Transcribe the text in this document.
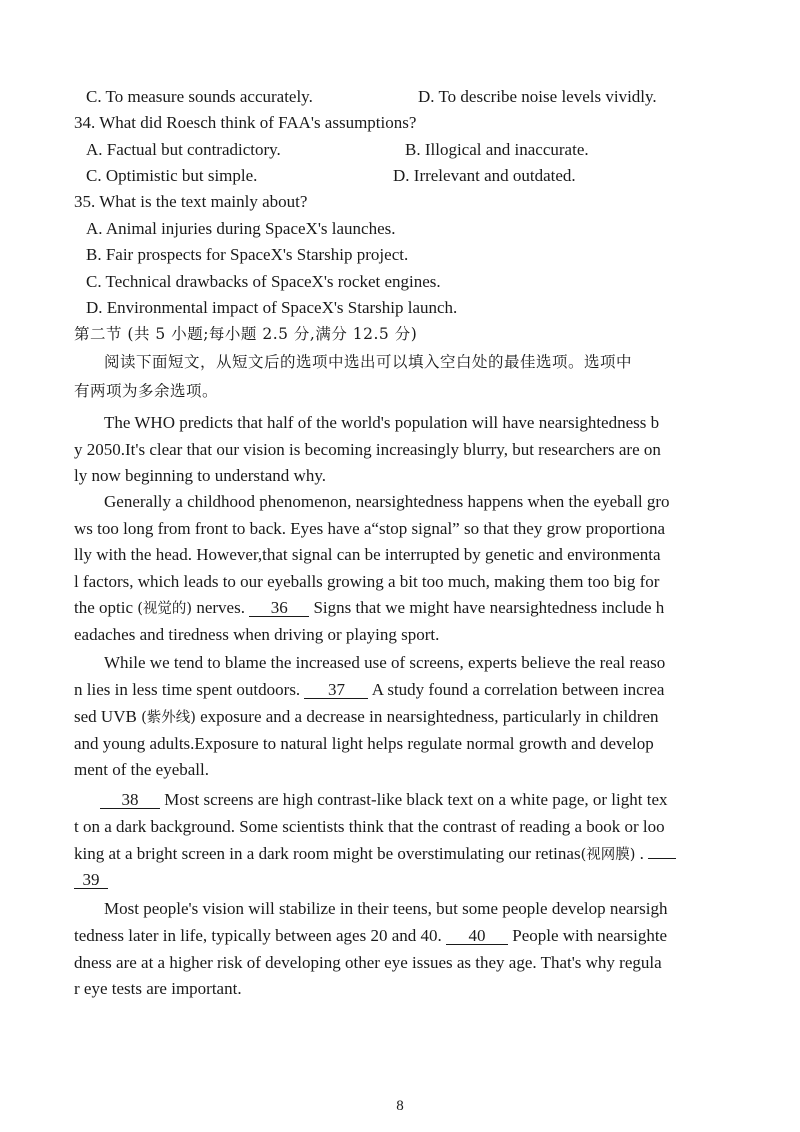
C. To measure sounds accurately.	D. To describe noise levels vividly.
34. What did Roesch think of FAA's assumptions?
A. Factual but contradictory.	B. Illogical and inaccurate.
C. Optimistic but simple.	D. Irrelevant and outdated.
35. What is the text mainly about?
A. Animal injuries during SpaceX's launches.
B. Fair prospects for SpaceX's Starship project.
C. Technical drawbacks of SpaceX's rocket engines.
D. Environmental impact of SpaceX's Starship launch.
第二节 (共 5 小题;每小题 2.5 分,满分 12.5 分)
阅读下面短文，从短文后的选项中选出可以填入空白处的最佳选项。选项中
有两项为多余选项。
The WHO predicts that half of the world's population will have nearsightedness b
y 2050.It's clear that our vision is becoming increasingly blurry, but researchers are on
ly now beginning to understand why.
Generally a childhood phenomenon, nearsightedness happens when the eyeball gro
ws too long from front to back. Eyes have a“stop signal” so that they grow proportiona
lly with the head. However,that signal can be interrupted by genetic and environmenta
l factors, which leads to our eyeballs growing a bit too much, making them too big for
the optic (视觉的) nerves. 36 Signs that we might have nearsightedness include h
eadaches and tiredness when driving or playing sport.
While we tend to blame the increased use of screens, experts believe the real reaso
n lies in less time spent outdoors. 37 A study found a correlation between increa
sed UVB (紫外线) exposure and a decrease in nearsightedness, particularly in children
and young adults.Exposure to natural light helps regulate normal growth and develop
ment of the eyeball.
38 Most screens are high contrast-like black text on a white page, or light tex
t on a dark background. Some scientists think that the contrast of reading a book or loo
king at a bright screen in a dark room might be overstimulating our retinas(视网膜) .
39
Most people's vision will stabilize in their teens, but some people develop nearsigh
tedness later in life, typically between ages 20 and 40. 40 People with nearsighte
dness are at a higher risk of developing other eye issues as they age. That's why regula
r eye tests are important.
8
